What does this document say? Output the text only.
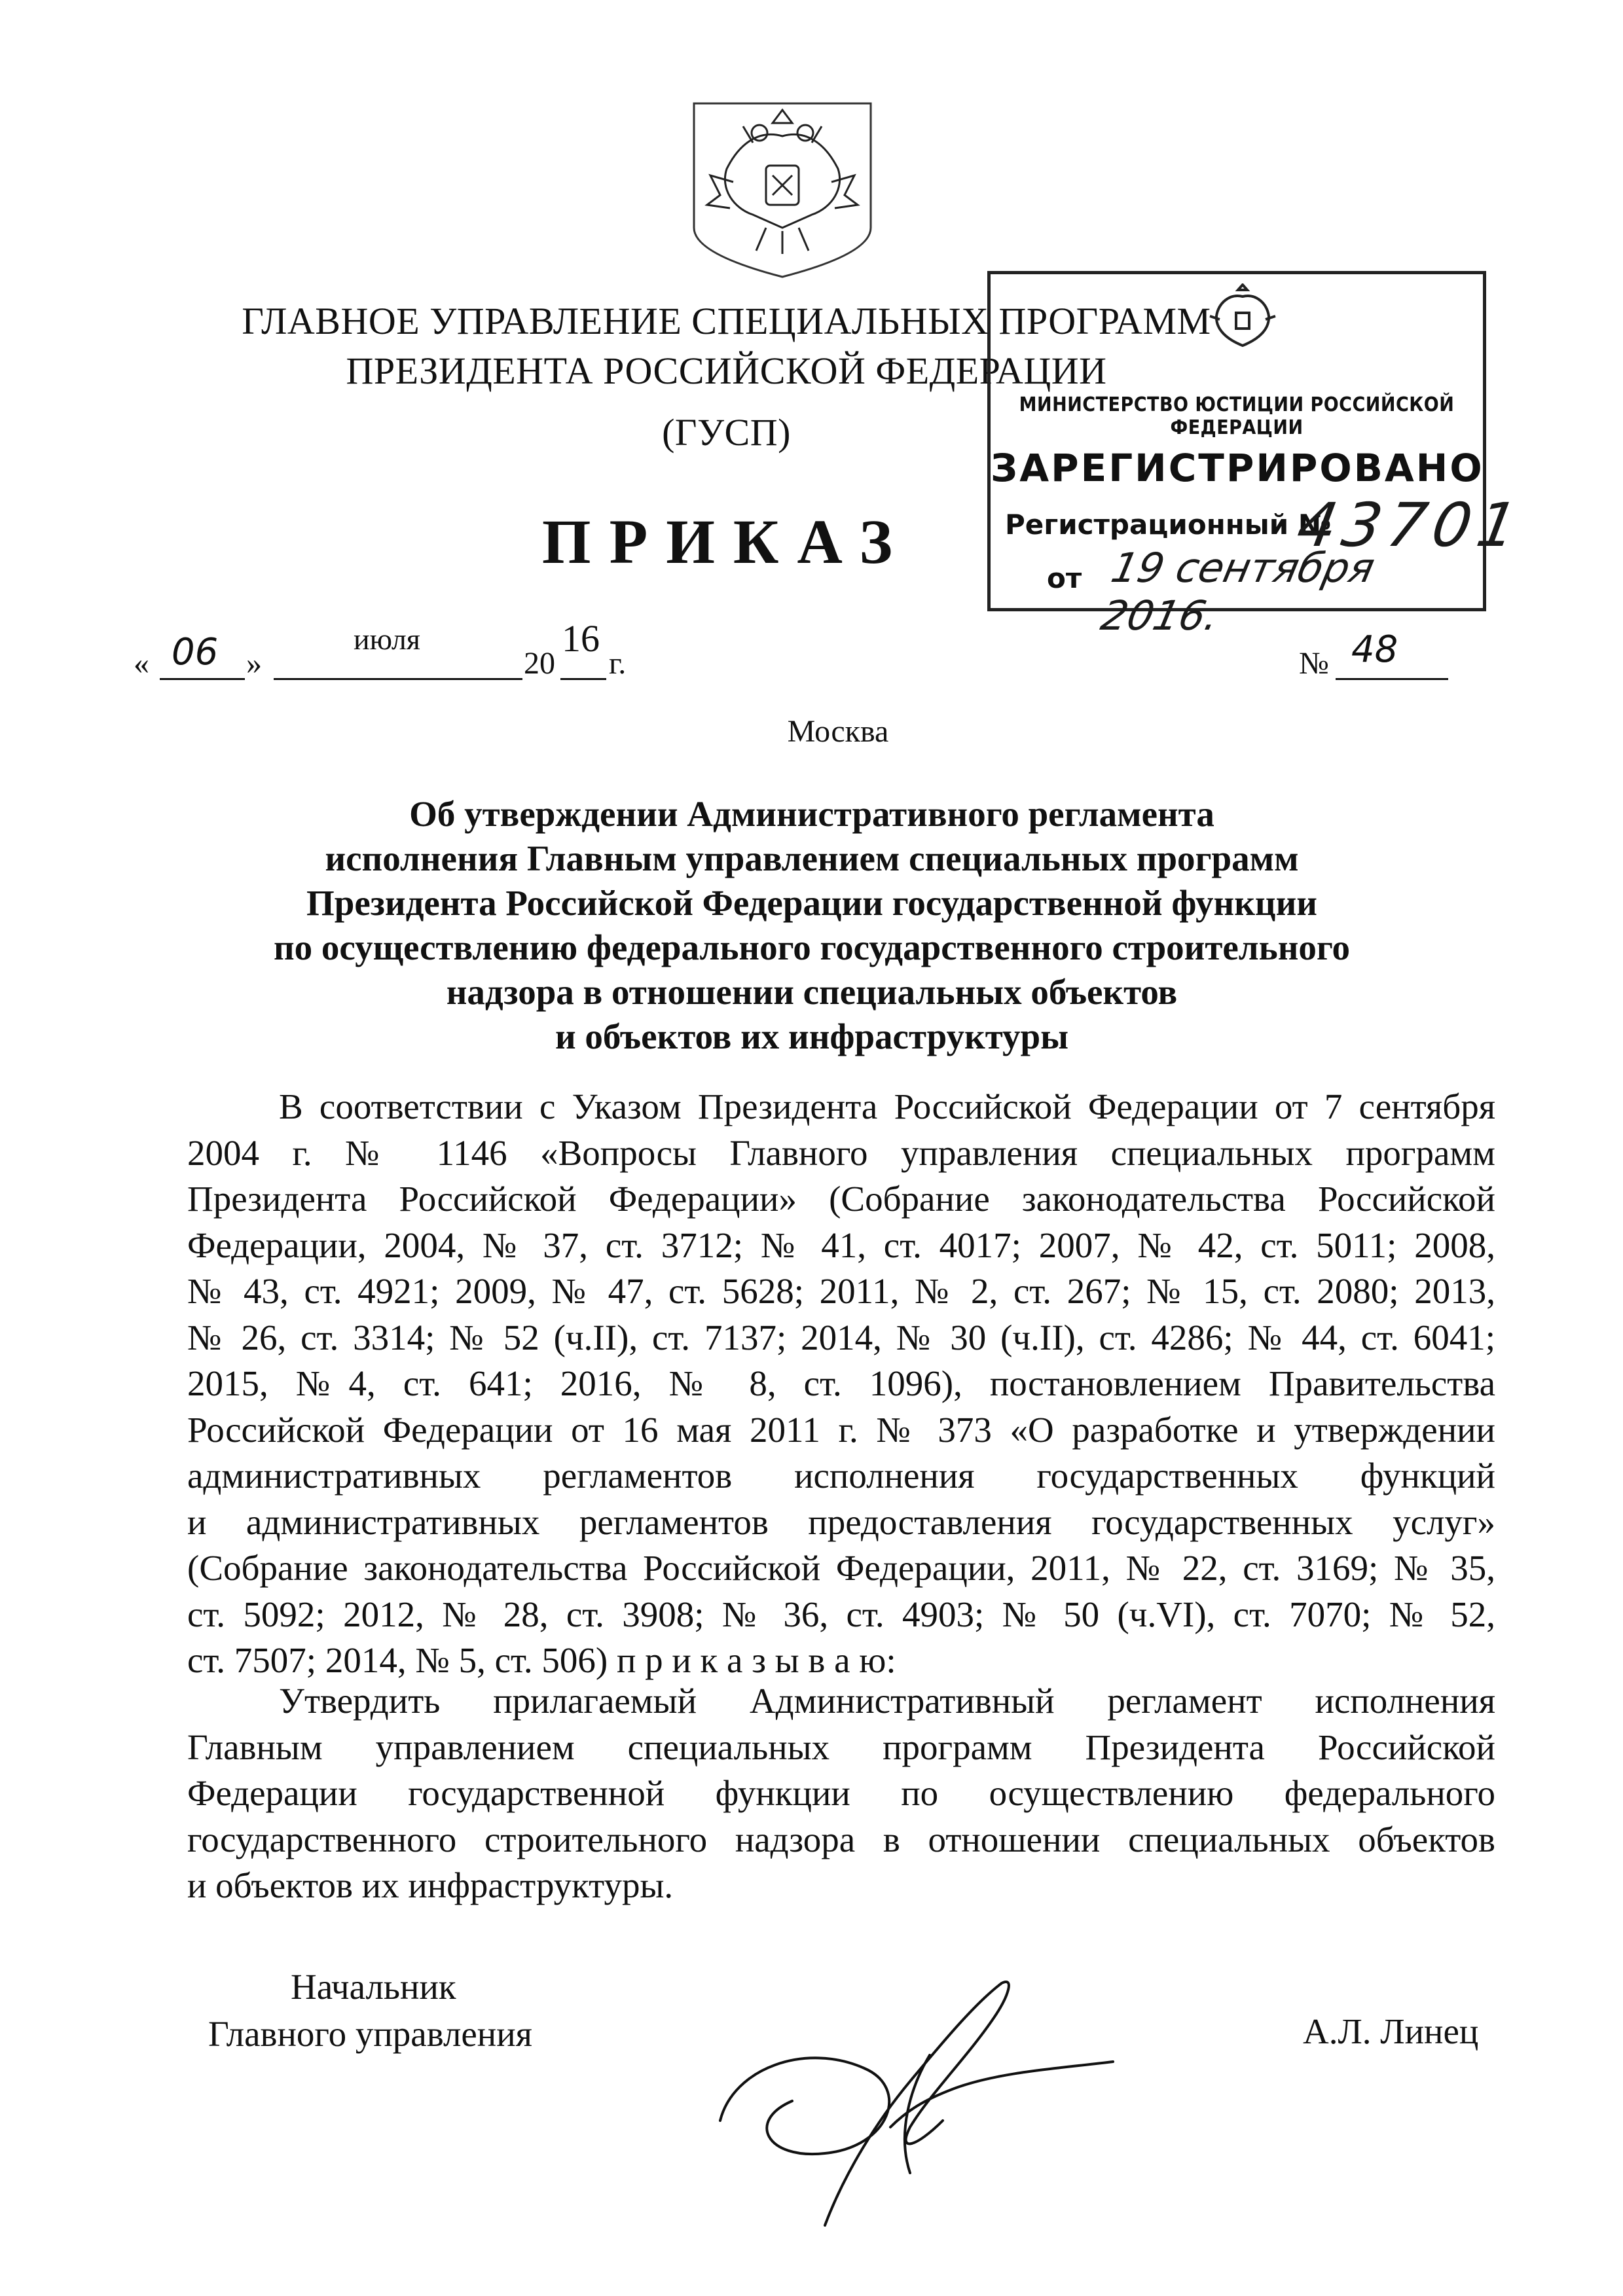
ГЛАВНОЕ УПРАВЛЕНИЕ СПЕЦИАЛЬНЫХ ПРОГРАММ
ПРЕЗИДЕНТА РОССИЙСКОЙ ФЕДЕРАЦИИ
(ГУСП)
ПРИКАЗ
МИНИСТЕРСТВО ЮСТИЦИИ РОССИЙСКОЙ ФЕДЕРАЦИИ
ЗАРЕГИСТРИРОВАНО
Регистрационный №
43701
от 19 сентября 2016.
« 06 »
июля
20
16
г.	№ 48
Москва
Об утверждении Административного регламента
исполнения Главным управлением специальных программ
Президента Российской Федерации государственной функции
по осуществлению федерального государственного строительного
надзора в отношении специальных объектов
и объектов их инфраструктуры
В соответствии с Указом Президента Российской Федерации от 7 сентября
2004 г. № 1146 «Вопросы Главного управления специальных программ
Президента Российской Федерации» (Собрание законодательства Российской
Федерации, 2004, № 37, ст. 3712; № 41, ст. 4017; 2007, № 42, ст. 5011; 2008,
№ 43, ст. 4921; 2009, № 47, ст. 5628; 2011, № 2, ст. 267; № 15, ст. 2080; 2013,
№ 26, ст. 3314; № 52 (ч.II), ст. 7137; 2014, № 30 (ч.II), ст. 4286; № 44, ст. 6041;
2015, №4, ст. 641; 2016, № 8, ст. 1096), постановлением Правительства
Российской Федерации от 16 мая 2011 г. № 373 «О разработке и утверждении
административных регламентов исполнения государственных функций
и административных регламентов предоставления государственных услуг»
(Собрание законодательства Российской Федерации, 2011, № 22, ст. 3169; № 35,
ст. 5092; 2012, № 28, ст. 3908; № 36, ст. 4903; № 50 (ч.VI), ст. 7070; № 52,
ст. 7507; 2014, № 5, ст. 506) п р и к а з ы в а ю:
Утвердить прилагаемый Административный регламент исполнения
Главным управлением специальных программ Президента Российской
Федерации государственной функции по осуществлению федерального
государственного строительного надзора в отношении специальных объектов
и объектов их инфраструктуры.
Начальник
Главного управления	А.Л. Линец
